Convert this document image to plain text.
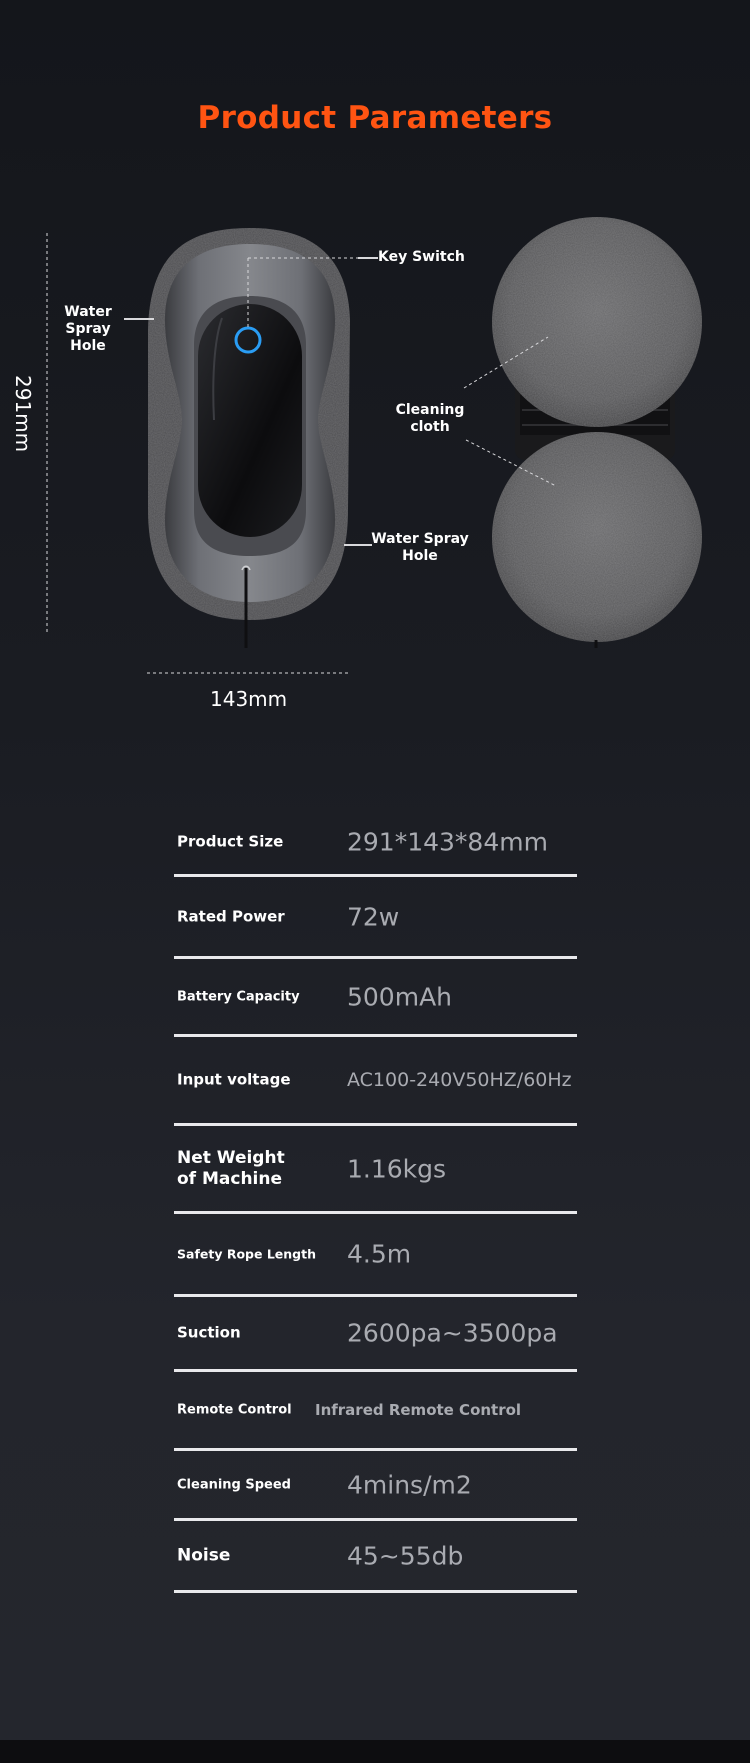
Product Parameters
Key Switch
Water
Spray Hole
Cleaning cloth
Water Spray
Hole
291mm
143mm
Product Size	291*143*84mm
Rated Power 72w
Battery Capacity 500mAh
Input voltage	AC100-240V50HZ/60Hz
Net Weight
of Machine	1.16kgs
Safety Rope Length 4.5m
Suction	2600pa~3500pa
Remote Control Infrared Remote Control
Cleaning Speed 4mins/m2
Noise	45~55db
